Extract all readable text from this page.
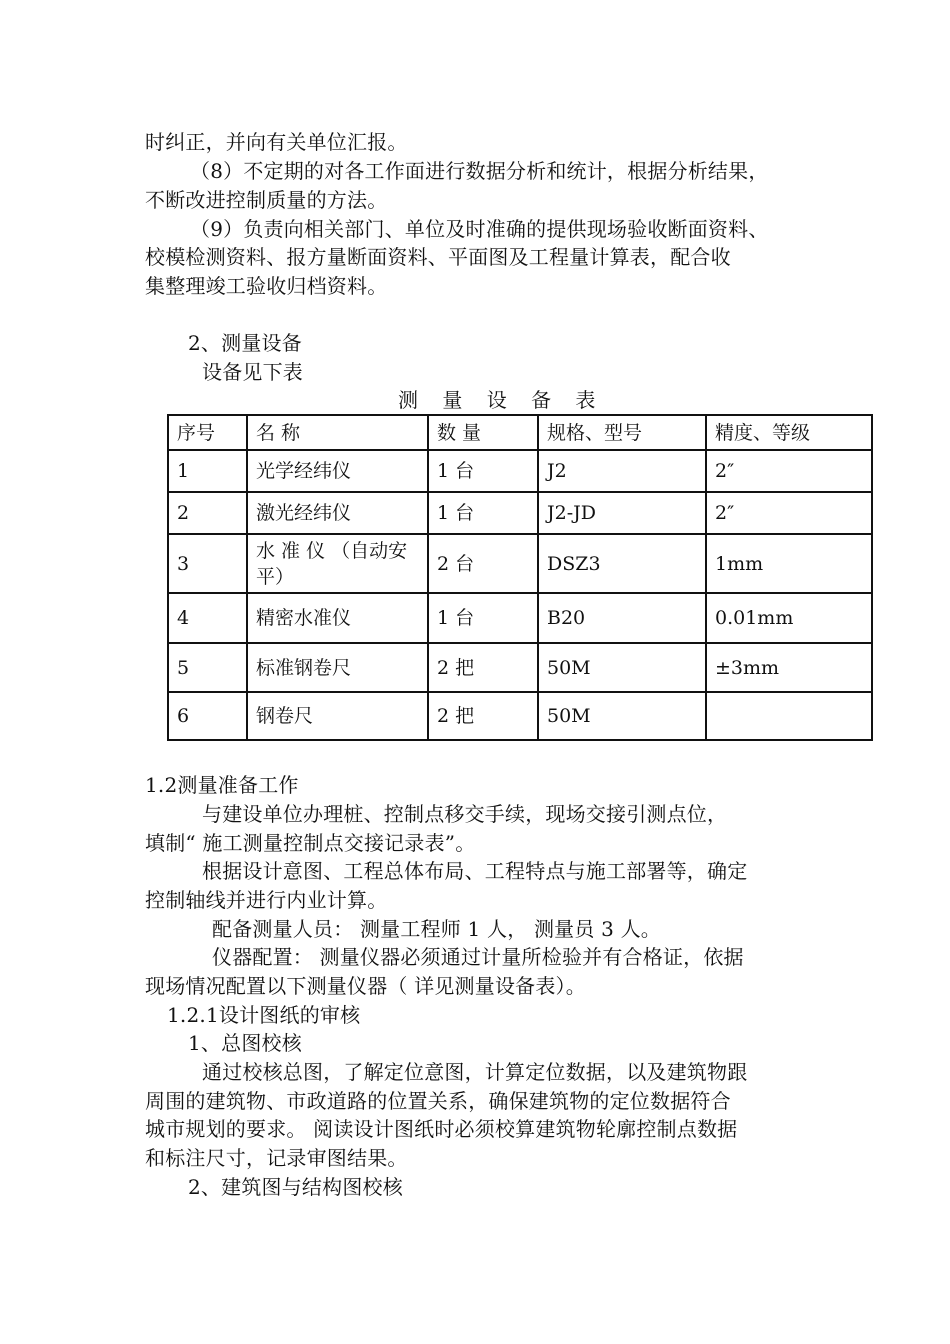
时纠正，并向有关单位汇报。
（8）不定期的对各工作面进行数据分析和统计，根据分析结果，
不断改进控制质量的方法。
（9）负责向相关部门、单位及时准确的提供现场验收断面资料、
校模检测资料、报方量断面资料、平面图及工程量计算表，配合收
集整理竣工验收归档资料。
2、测量设备
设备见下表
测 量 设 备 表
序号	名 称	数 量	规格、型号	精度、等级
1	光学经纬仪	1 台	J2	2″
2	激光经纬仪	1 台	J2-JD	2″
3	水 准 仪 （自动安平）	2 台	DSZ3	1mm
4	精密水准仪	1 台	B20	0.01mm
5	标准钢卷尺	2 把	50M	±3mm
6	钢卷尺	2 把	50M	
1.2测量准备工作
与建设单位办理桩、控制点移交手续，现场交接引测点位，
填制“ 施工测量控制点交接记录表”。
根据设计意图、工程总体布局、工程特点与施工部署等，确定
控制轴线并进行内业计算。
配备测量人员： 测量工程师 1 人， 测量员 3 人。
仪器配置： 测量仪器必须通过计量所检验并有合格证，依据
现场情况配置以下测量仪器（ 详见测量设备表）。
1.2.1设计图纸的审核
1、总图校核
通过校核总图，了解定位意图，计算定位数据，以及建筑物跟
周围的建筑物、市政道路的位置关系，确保建筑物的定位数据符合
城市规划的要求。 阅读设计图纸时必须校算建筑物轮廓控制点数据
和标注尺寸，记录审图结果。
2、建筑图与结构图校核
